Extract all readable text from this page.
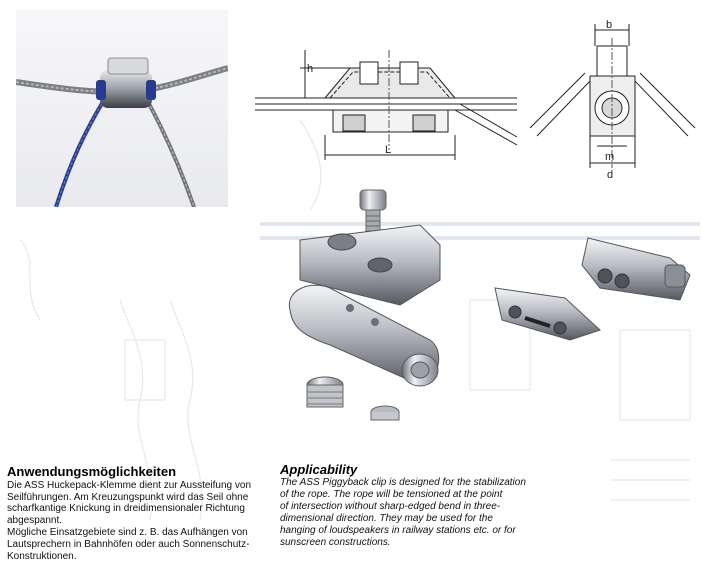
h
L
b
m
d
Anwendungsmöglichkeiten

Die ASS Huckepack-Klemme dient zur Aussteifung von

Seilführungen. Am Kreuzungspunkt wird das Seil ohne

scharfkantige Knickung in dreidimensionaler Richtung

abgespannt.

Mögliche Einsatzgebiete sind z. B. das Aufhängen von

Lautsprechern in Bahnhöfen oder auch Sonnenschutz-

Konstruktionen.

Applicability

The ASS Piggyback clip is designed for the stabilization

of the rope. The rope will be tensioned at the point

of intersection without sharp-edged bend in three-

dimensional direction. They may be used for the

hanging of loudspeakers in railway stations etc. or for

sunscreen constructions.
